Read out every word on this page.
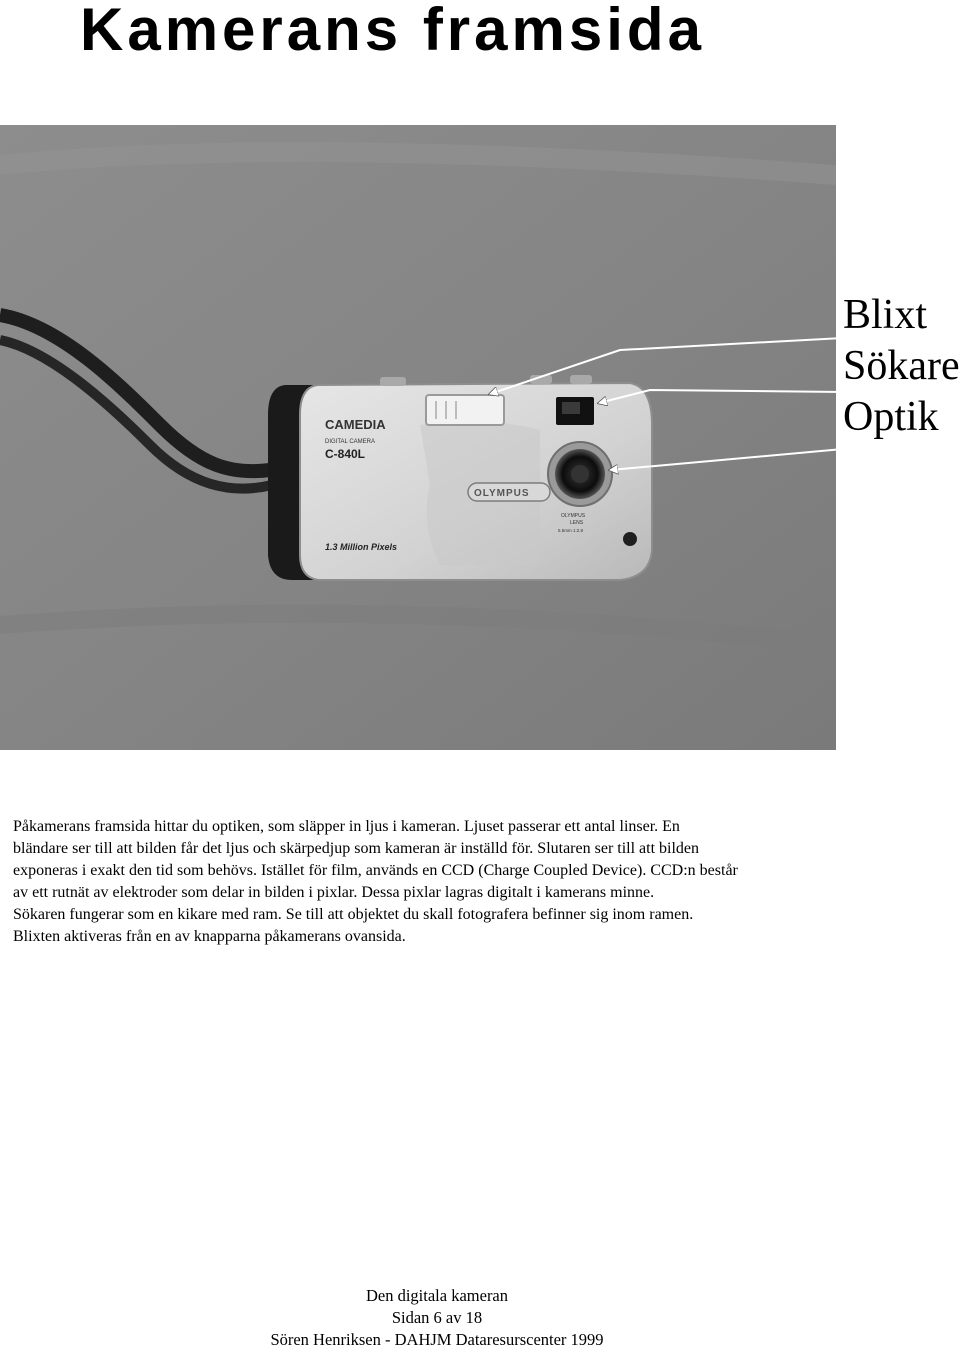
Kamerans framsida
CAMEDIA
DIGITAL CAMERA
C-840L
1.3 Million Pixels
OLYMPUS
OLYMPUS
LENS
5.5mm 1:2.8
Blixt
Sökare
Optik

Påkamerans framsida hittar du optiken, som släpper in ljus i kameran. Ljuset passerar ett antal linser. En

bländare ser till att bilden får det ljus och skärpedjup som kameran är inställd för. Slutaren ser till att bilden

exponeras i exakt den tid som behövs. Istället för film, används en CCD (Charge Coupled Device). CCD:n består

av ett rutnät av elektroder som delar in bilden i pixlar. Dessa pixlar lagras digitalt i kamerans minne.

Sökaren fungerar som en kikare med ram. Se till att objektet du skall fotografera befinner sig inom ramen.

Blixten aktiveras från en av knapparna påkamerans ovansida.

Den digitala kameran
Sidan 6 av 18
Sören Henriksen - DAHJM Dataresurscenter 1999
